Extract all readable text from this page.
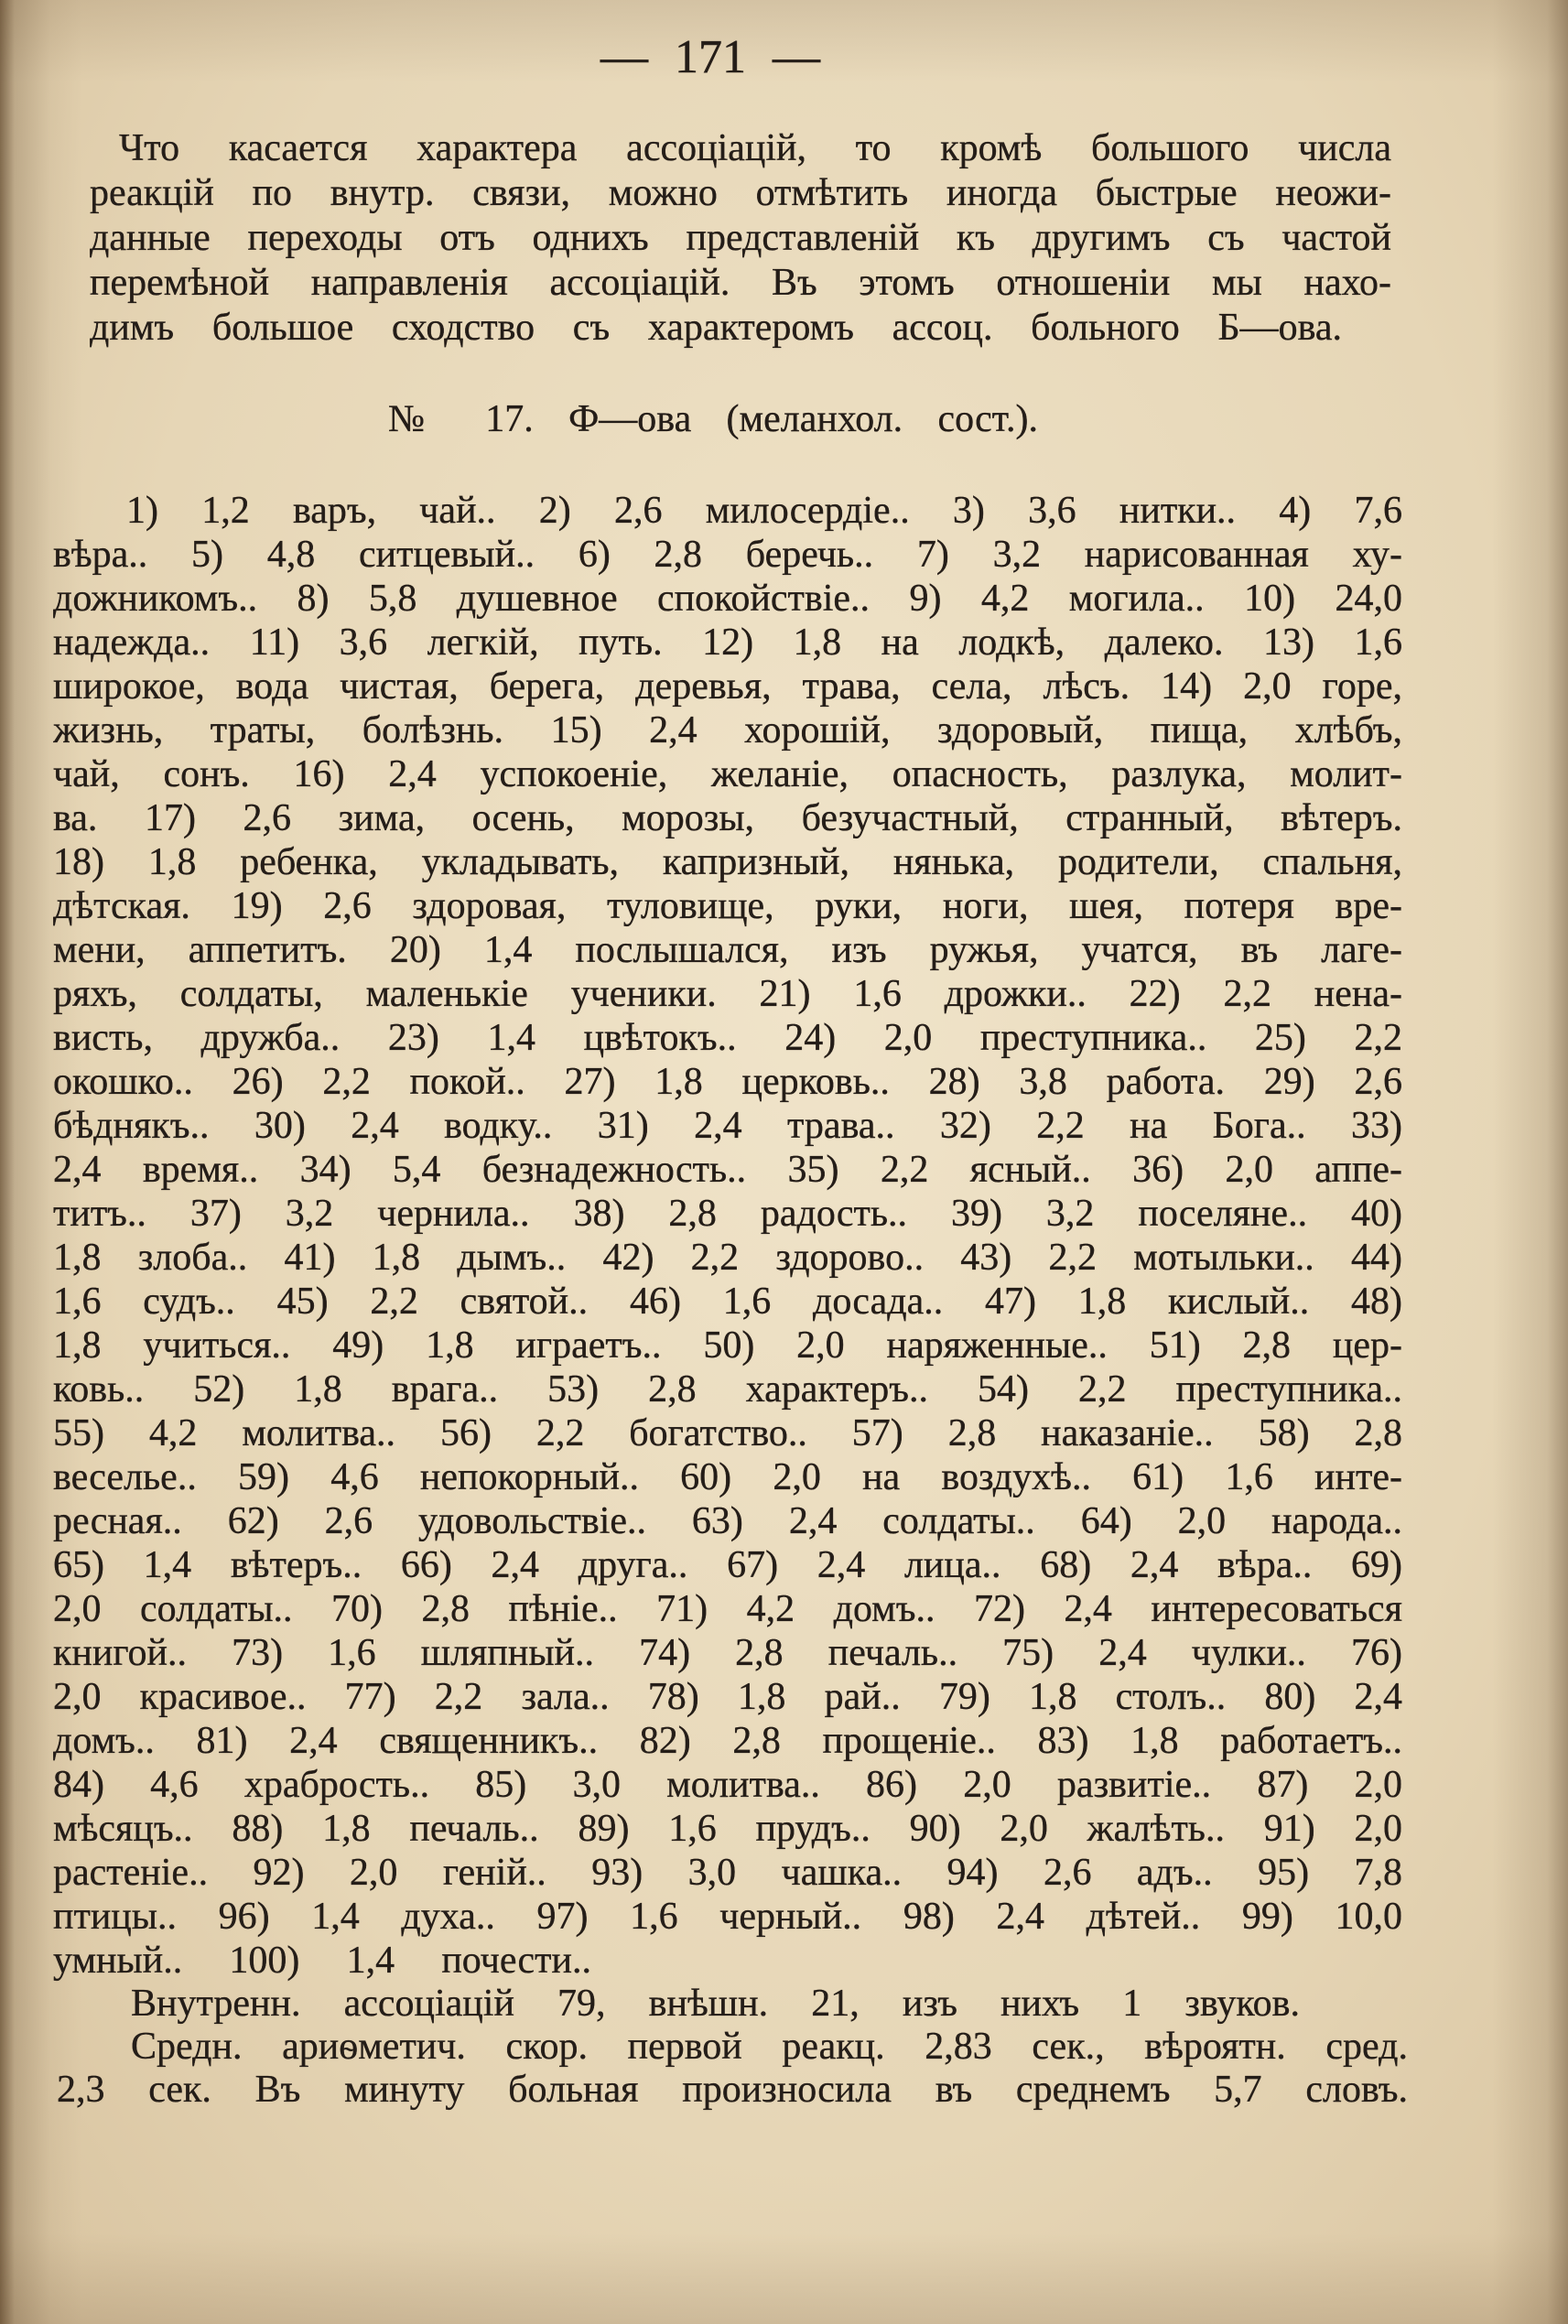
— 171 —
Что касается характера ассоціацій, то кромѣ большого числа
реакцій по внутр. связи, можно отмѣтить иногда быстрые неожи-
данные переходы отъ однихъ представленій къ другимъ съ частой
перемѣной направленія ассоціацій. Въ этомъ отношеніи мы нахо-
димъ большое сходство съ характеромъ ассоц. больного Б—ова.
№ 17. Ф—ова (меланхол. сост.).
1) 1,2 варъ, чай.. 2) 2,6 милосердіе.. 3) 3,6 нитки.. 4) 7,6
вѣра.. 5) 4,8 ситцевый.. 6) 2,8 беречь.. 7) 3,2 нарисованная ху-
дожникомъ.. 8) 5,8 душевное спокойствіе.. 9) 4,2 могила.. 10) 24,0
надежда.. 11) 3,6 легкій, путь. 12) 1,8 на лодкѣ, далеко. 13) 1,6
широкое, вода чистая, берега, деревья, трава, села, лѣсъ. 14) 2,0 горе,
жизнь, траты, болѣзнь. 15) 2,4 хорошій, здоровый, пища, хлѣбъ,
чай, сонъ. 16) 2,4 успокоеніе, желаніе, опасность, разлука, молит-
ва. 17) 2,6 зима, осень, морозы, безучастный, странный, вѣтеръ.
18) 1,8 ребенка, укладывать, капризный, нянька, родители, спальня,
дѣтская. 19) 2,6 здоровая, туловище, руки, ноги, шея, потеря вре-
мени, аппетитъ. 20) 1,4 послышался, изъ ружья, учатся, въ лаге-
ряхъ, солдаты, маленькіе ученики. 21) 1,6 дрожки.. 22) 2,2 нена-
висть, дружба.. 23) 1,4 цвѣтокъ.. 24) 2,0 преступника.. 25) 2,2
окошко.. 26) 2,2 покой.. 27) 1,8 церковь.. 28) 3,8 работа. 29) 2,6
бѣднякъ.. 30) 2,4 водку.. 31) 2,4 трава.. 32) 2,2 на Бога.. 33)
2,4 время.. 34) 5,4 безнадежность.. 35) 2,2 ясный.. 36) 2,0 аппе-
титъ.. 37) 3,2 чернила.. 38) 2,8 радость.. 39) 3,2 поселяне.. 40)
1,8 злоба.. 41) 1,8 дымъ.. 42) 2,2 здорово.. 43) 2,2 мотыльки.. 44)
1,6 судъ.. 45) 2,2 святой.. 46) 1,6 досада.. 47) 1,8 кислый.. 48)
1,8 учиться.. 49) 1,8 играетъ.. 50) 2,0 наряженные.. 51) 2,8 цер-
ковь.. 52) 1,8 врага.. 53) 2,8 характеръ.. 54) 2,2 преступника..
55) 4,2 молитва.. 56) 2,2 богатство.. 57) 2,8 наказаніе.. 58) 2,8
веселье.. 59) 4,6 непокорный.. 60) 2,0 на воздухѣ.. 61) 1,6 инте-
ресная.. 62) 2,6 удовольствіе.. 63) 2,4 солдаты.. 64) 2,0 народа..
65) 1,4 вѣтеръ.. 66) 2,4 друга.. 67) 2,4 лица.. 68) 2,4 вѣра.. 69)
2,0 солдаты.. 70) 2,8 пѣніе.. 71) 4,2 домъ.. 72) 2,4 интересоваться
книгой.. 73) 1,6 шляпный.. 74) 2,8 печаль.. 75) 2,4 чулки.. 76)
2,0 красивое.. 77) 2,2 зала.. 78) 1,8 рай.. 79) 1,8 столъ.. 80) 2,4
домъ.. 81) 2,4 священникъ.. 82) 2,8 прощеніе.. 83) 1,8 работаетъ..
84) 4,6 храбрость.. 85) 3,0 молитва.. 86) 2,0 развитіе.. 87) 2,0
мѣсяцъ.. 88) 1,8 печаль.. 89) 1,6 прудъ.. 90) 2,0 жалѣть.. 91) 2,0
растеніе.. 92) 2,0 геній.. 93) 3,0 чашка.. 94) 2,6 адъ.. 95) 7,8
птицы.. 96) 1,4 духа.. 97) 1,6 черный.. 98) 2,4 дѣтей.. 99) 10,0
умный.. 100) 1,4 почести..
Внутренн. ассоціацій 79, внѣшн. 21, изъ нихъ 1 звуков.
Средн. ариѳметич. скор. первой реакц. 2,83 сек., вѣроятн. сред.
2,3 сек. Въ минуту больная произносила въ среднемъ 5,7 словъ.
